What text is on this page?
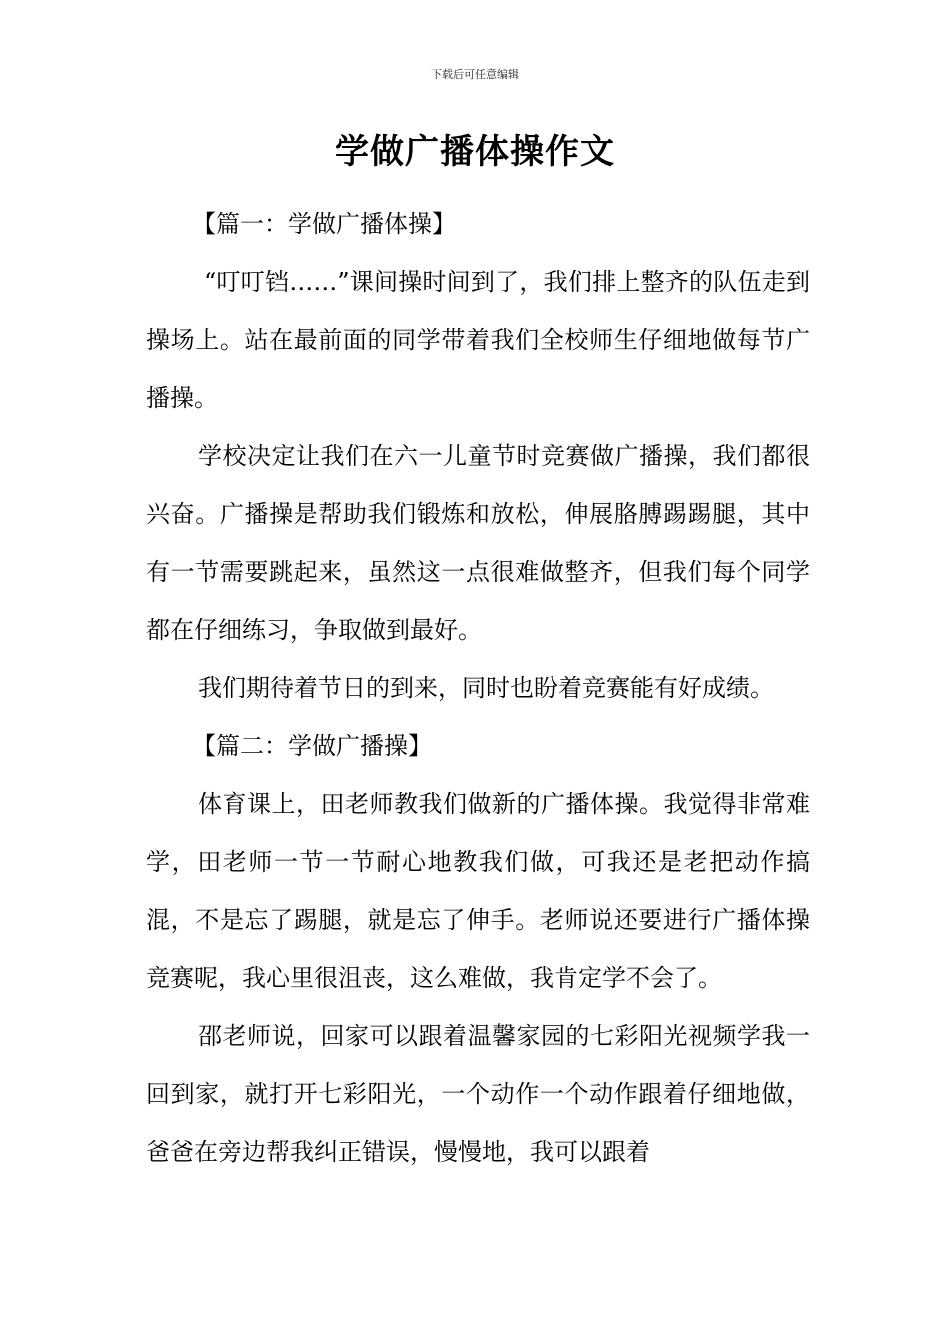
下载后可任意编辑
学做广播体操作文
【篇一：学做广播体操】

“叮叮铛……”课间操时间到了，我们排上整齐的队伍走到操场上。站在最前面的同学带着我们全校师生仔细地做每节广播操。

学校决定让我们在六一儿童节时竞赛做广播操，我们都很兴奋。广播操是帮助我们锻炼和放松，伸展胳膊踢踢腿，其中有一节需要跳起来，虽然这一点很难做整齐，但我们每个同学都在仔细练习，争取做到最好。

我们期待着节日的到来，同时也盼着竞赛能有好成绩。

【篇二：学做广播操】

体育课上，田老师教我们做新的广播体操。我觉得非常难学，田老师一节一节耐心地教我们做，可我还是老把动作搞混，不是忘了踢腿，就是忘了伸手。老师说还要进行广播体操竞赛呢，我心里很沮丧，这么难做，我肯定学不会了。

邵老师说，回家可以跟着温馨家园的七彩阳光视频学我一回到家，就打开七彩阳光，一个动作一个动作跟着仔细地做，爸爸在旁边帮我纠正错误，慢慢地，我可以跟着
